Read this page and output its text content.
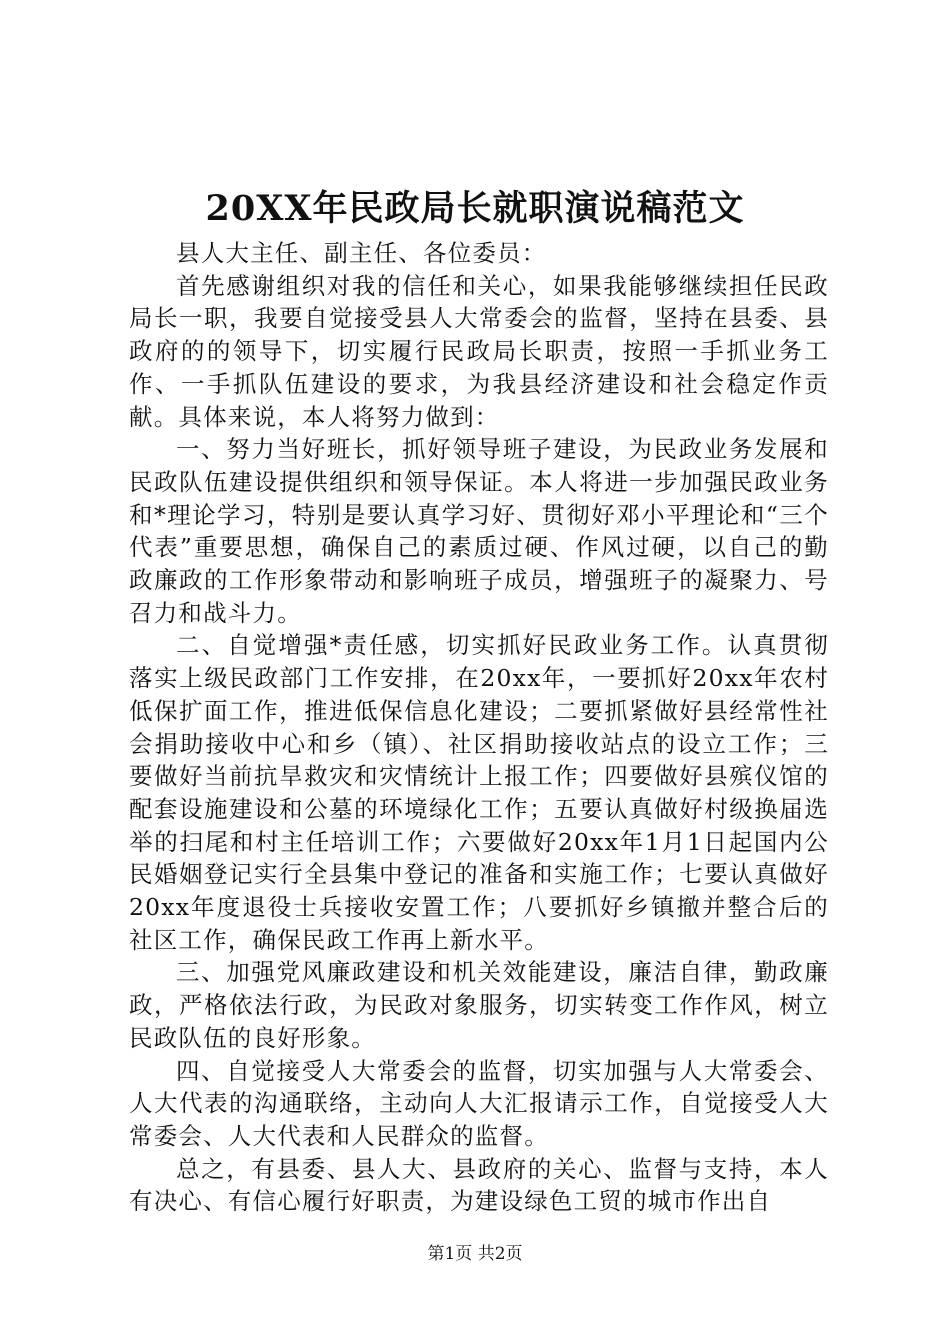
20XX年民政局长就职演说稿范文

县人大主任、副主任、各位委员：

首先感谢组织对我的信任和关心，如果我能够继续担任民政局长一职，我要自觉接受县人大常委会的监督，坚持在县委、县政府的的领导下，切实履行民政局长职责，按照一手抓业务工作、一手抓队伍建设的要求，为我县经济建设和社会稳定作贡献。具体来说，本人将努力做到：

一、努力当好班长，抓好领导班子建设，为民政业务发展和民政队伍建设提供组织和领导保证。本人将进一步加强民政业务和*理论学习，特别是要认真学习好、贯彻好邓小平理论和“三个代表”重要思想，确保自己的素质过硬、作风过硬，以自己的勤政廉政的工作形象带动和影响班子成员，增强班子的凝聚力、号召力和战斗力。

二、自觉增强*责任感，切实抓好民政业务工作。认真贯彻落实上级民政部门工作安排，在20xx年，一要抓好20xx年农村低保扩面工作，推进低保信息化建设；二要抓紧做好县经常性社会捐助接收中心和乡（镇）、社区捐助接收站点的设立工作；三要做好当前抗旱救灾和灾情统计上报工作；四要做好县殡仪馆的配套设施建设和公墓的环境绿化工作；五要认真做好村级换届选举的扫尾和村主任培训工作；六要做好20xx年1月1日起国内公民婚姻登记实行全县集中登记的准备和实施工作；七要认真做好20xx年度退役士兵接收安置工作；八要抓好乡镇撤并整合后的社区工作，确保民政工作再上新水平。

三、加强党风廉政建设和机关效能建设，廉洁自律，勤政廉政，严格依法行政，为民政对象服务，切实转变工作作风，树立民政队伍的良好形象。

四、自觉接受人大常委会的监督，切实加强与人大常委会、人大代表的沟通联络，主动向人大汇报请示工作，自觉接受人大常委会、人大代表和人民群众的监督。

总之，有县委、县人大、县政府的关心、监督与支持，本人有决心、有信心履行好职责，为建设绿色工贸的城市作出自

第1页 共2页
